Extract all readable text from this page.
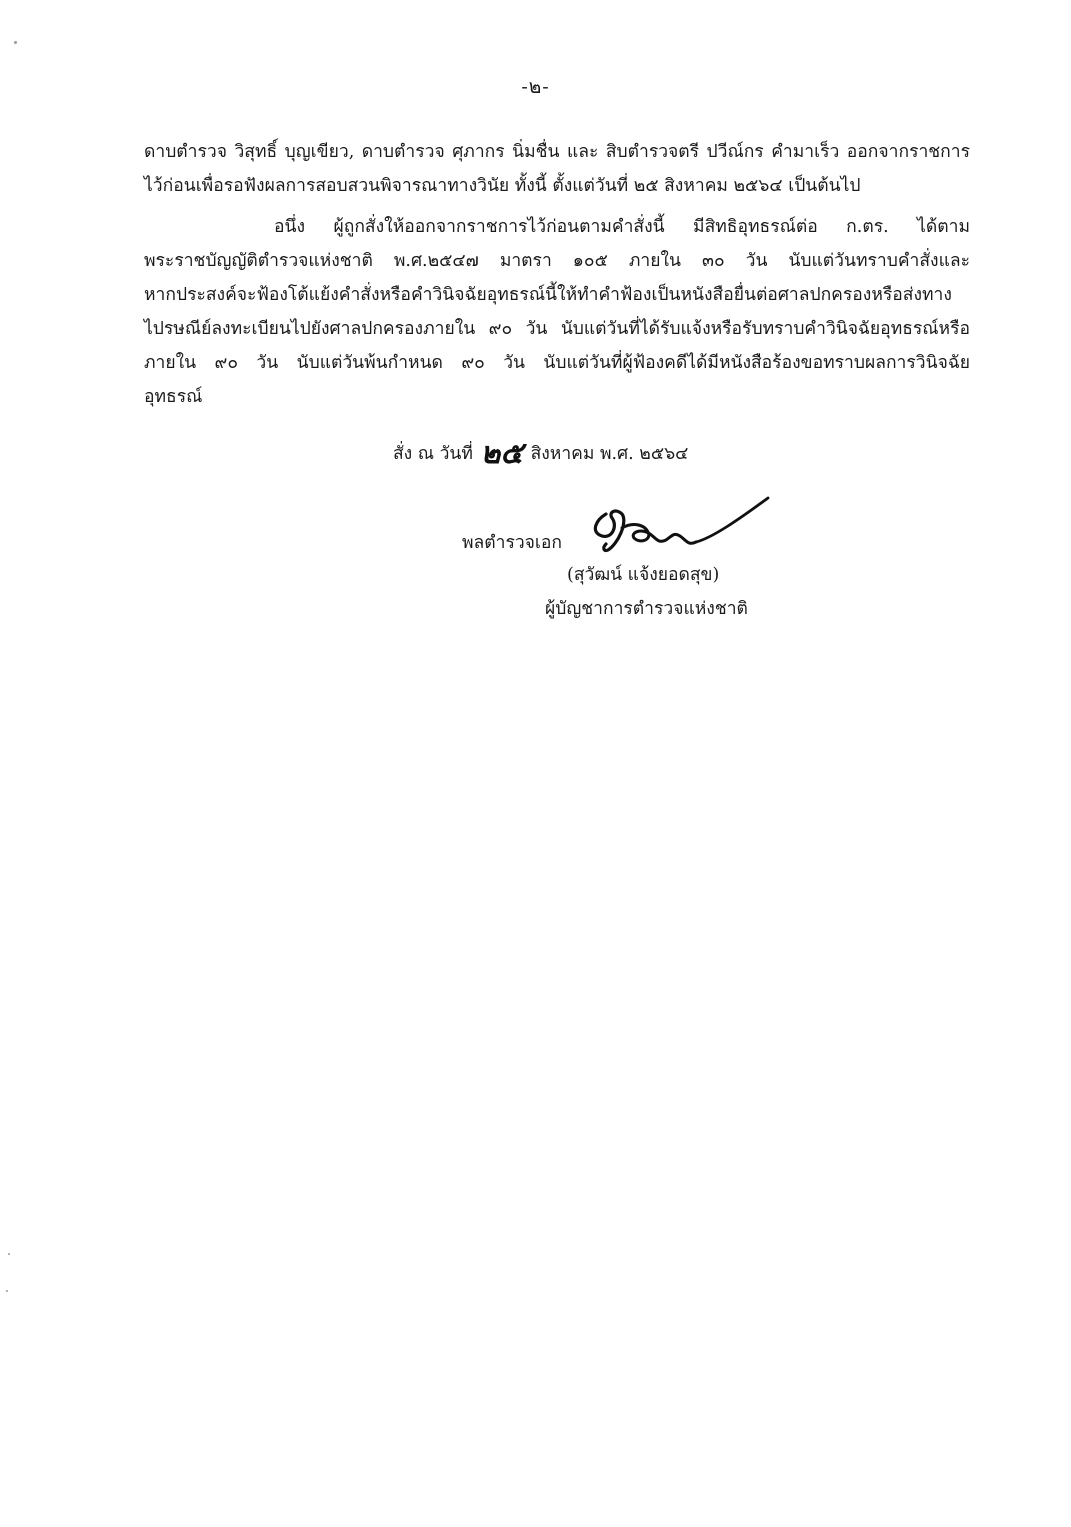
-๒-
ดาบตำรวจ วิสุทธิ์ บุญเขียว, ดาบตำรวจ ศุภากร นิ่มชื่น และ สิบตำรวจตรี ปวีณ์กร คำมาเร็ว ออกจากราชการ
ไว้ก่อนเพื่อรอฟังผลการสอบสวนพิจารณาทางวินัย ทั้งนี้ ตั้งแต่วันที่ ๒๕ สิงหาคม ๒๕๖๔ เป็นต้นไป
อนึ่ง ผู้ถูกสั่งให้ออกจากราชการไว้ก่อนตามคำสั่งนี้ มีสิทธิอุทธรณ์ต่อ ก.ตร. ได้ตาม
พระราชบัญญัติตำรวจแห่งชาติ พ.ศ.๒๕๔๗ มาตรา ๑๐๕ ภายใน ๓๐ วัน นับแต่วันทราบคำสั่งและ
หากประสงค์จะฟ้องโต้แย้งคำสั่งหรือคำวินิจฉัยอุทธรณ์นี้ให้ทำคำฟ้องเป็นหนังสือยื่นต่อศาลปกครองหรือส่งทาง
ไปรษณีย์ลงทะเบียนไปยังศาลปกครองภายใน ๙๐ วัน นับแต่วันที่ได้รับแจ้งหรือรับทราบคำวินิจฉัยอุทธรณ์หรือ
ภายใน ๙๐ วัน นับแต่วันพ้นกำหนด ๙๐ วัน นับแต่วันที่ผู้ฟ้องคดีได้มีหนังสือร้องขอทราบผลการวินิจฉัย
อุทธรณ์
สั่ง ณ วันที่ ๒๕ สิงหาคม พ.ศ. ๒๕๖๔
พลตำรวจเอก
(สุวัฒน์ แจ้งยอดสุข)
ผู้บัญชาการตำรวจแห่งชาติ
